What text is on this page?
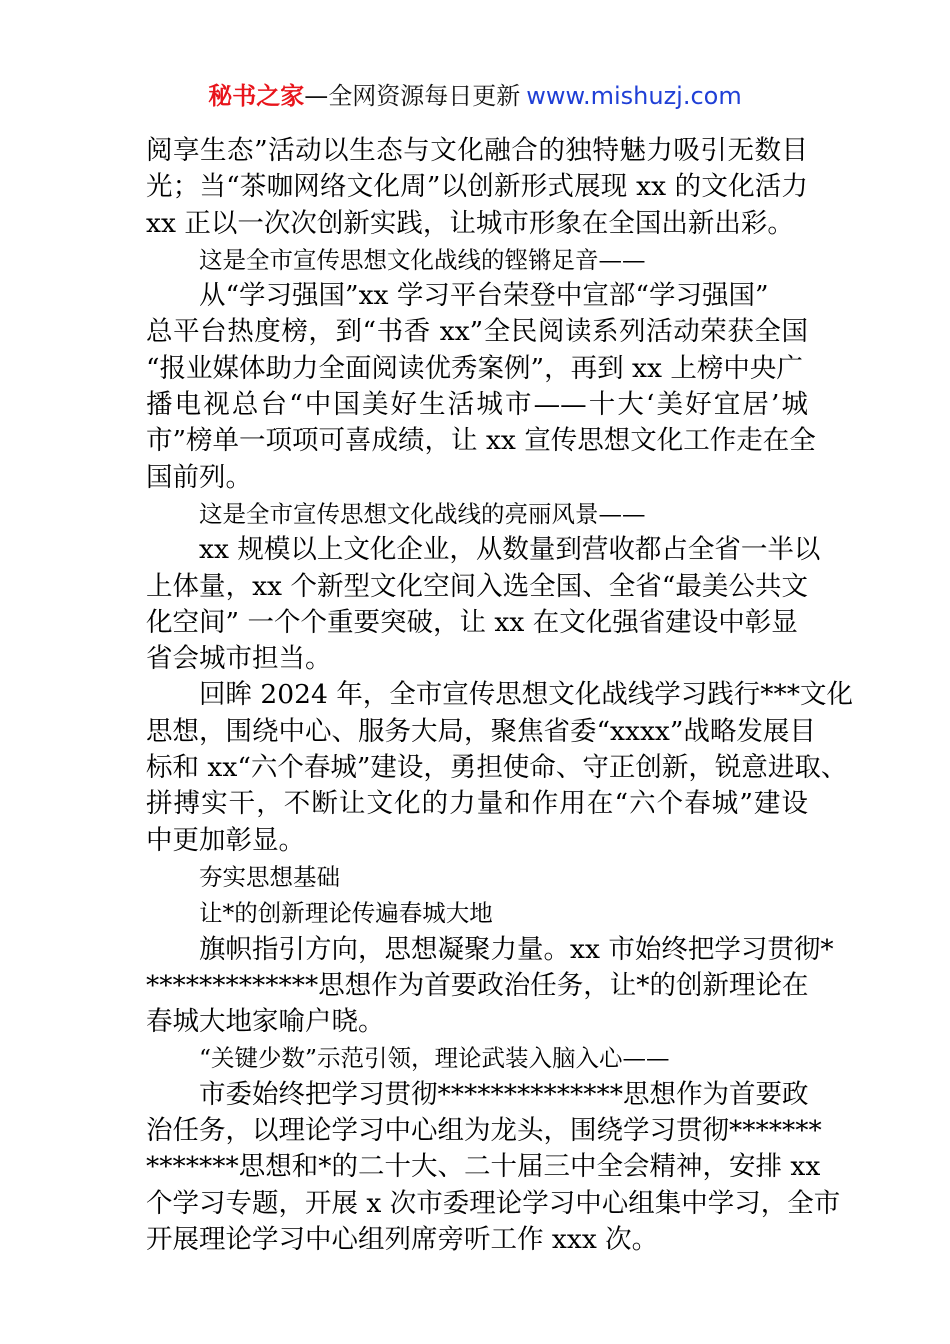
秘书之家—全网资源每日更新 www.mishuzj.com
阅享生态”活动以生态与文化融合的独特魅力吸引无数目
光；当“茶咖网络文化周”以创新形式展现 xx 的文化活力
xx 正以一次次创新实践，让城市形象在全国出新出彩。
这是全市宣传思想文化战线的铿锵足音——
从“学习强国”xx 学习平台荣登中宣部“学习强国”
总平台热度榜，到“书香 xx”全民阅读系列活动荣获全国
“报业媒体助力全面阅读优秀案例”，再到 xx 上榜中央广
播电视总台“中国美好生活城市——十大‘美好宜居’城
市”榜单一项项可喜成绩，让 xx 宣传思想文化工作走在全
国前列。
这是全市宣传思想文化战线的亮丽风景——
xx 规模以上文化企业，从数量到营收都占全省一半以
上体量，xx 个新型文化空间入选全国、全省“最美公共文
化空间” 一个个重要突破，让 xx 在文化强省建设中彰显
省会城市担当。
回眸 2024 年，全市宣传思想文化战线学习践行***文化
思想，围绕中心、服务大局，聚焦省委“xxxx”战略发展目
标和 xx“六个春城”建设，勇担使命、守正创新，锐意进取、
拼搏实干，不断让文化的力量和作用在“六个春城”建设
中更加彰显。
夯实思想基础
让*的创新理论传遍春城大地
旗帜指引方向，思想凝聚力量。xx 市始终把学习贯彻*
*************思想作为首要政治任务，让*的创新理论在
春城大地家喻户晓。
“关键少数”示范引领，理论武装入脑入心——
市委始终把学习贯彻**************思想作为首要政
治任务，以理论学习中心组为龙头，围绕学习贯彻*******
*******思想和*的二十大、二十届三中全会精神，安排 xx
个学习专题，开展 x 次市委理论学习中心组集中学习，全市
开展理论学习中心组列席旁听工作 xxx 次。
